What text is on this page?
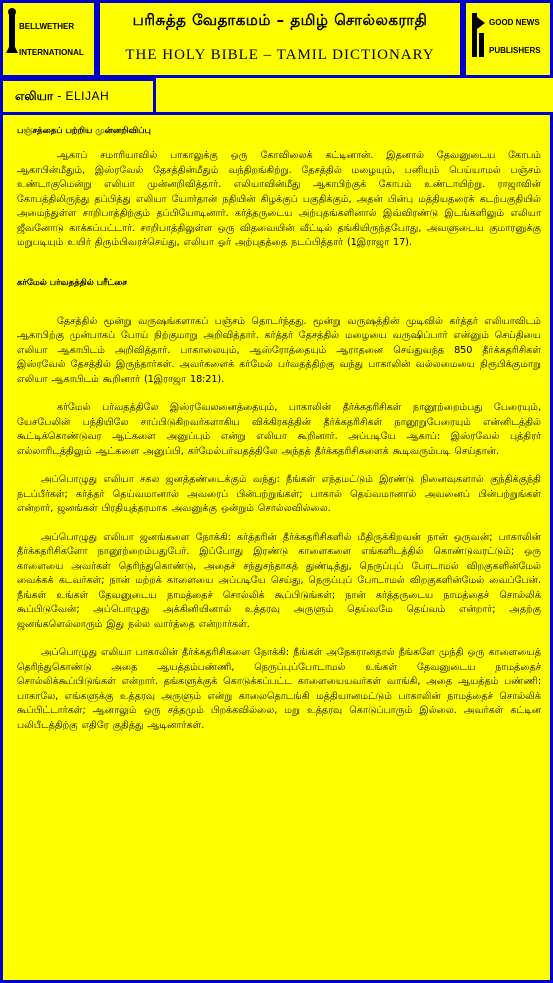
BELLWETHER
INTERNATIONAL
பரிசுத்த வேதாகமம் – தமிழ் சொல்லகராதி
THE HOLY BIBLE – TAMIL DICTIONARY
GOOD NEWS
PUBLISHERS
எலியா - ELIJAH
பஞ்சத்தைப் பற்றிய முன்னறிவிப்பு

ஆகாப் சமாரியாவில் பாகாலுக்கு ஒரு கோவிலைக் கட்டினான். இதனால் தேவனுடைய கோபம் ஆகாபின்மீதும், இஸ்ரவேல் தேசத்தின்மீதும் வந்திறங்கிற்று. தேசத்தில் மழையும், பனியும் பெய்யாமல் பஞ்சம் உண்டாகுமென்று எலியா முன்னறிவித்தார். எலியாவின்மீது ஆகாபிற்குக் கோபம் உண்டாயிற்று. ராஜாவின் கோபத்திலிருந்து தப்பித்து எலியா யோர்தான் நதியின் கிழக்குப் பகுதிக்கும், அதன் பின்பு மத்தியதரைக் கடற்பகுதியில் அமைந்துள்ள சாறிபாத்திற்கும் தப்பியோடினார். கர்த்தருடைய அற்புதங்களினால் இவ்விரண்டு இடங்களிலும் எலியா ஜீவனோடு காக்கப்பட்டார். சாறிபாத்திலுள்ள ஒரு விதவையின் வீட்டில் தங்கியிருந்தபோது, அவளுடைய குமாரனுக்கு மறுபடியும் உயிர் திரும்பிவரச்செய்து, எலியா ஓர் அற்புதத்தை நடப்பித்தார் (1இராஜா 17).

கர்மேல் பர்வதத்தில் பரீட்சை

தேசத்தில் மூன்று வருஷங்களாகப் பஞ்சம் தொடர்ந்தது. மூன்று வருஷத்தின் முடிவில் கர்த்தர் எலியாவிடம் ஆகாபிற்கு முன்பாகப் போய் நிற்குமாறு அறிவித்தார். கர்த்தர் தேசத்தில் மழையை வருஷிப்பார் என்னும் செய்தியை எலியா ஆகாபிடம் அறிவித்தார். பாகாலையும், ஆஸ்ரோத்தையும் ஆராதனை செய்துவந்த 850 தீர்க்கதரிசிகள் இஸ்ரவேல் தேசத்தில் இருந்தார்கள். அவர்களைக் கர்மேல் பர்வதத்திற்கு வந்து பாகாலின் வல்லமையை நிரூபிக்குமாறு எலியா ஆகாபிடம் கூறினார் (1இராஜா 18:21).

கர்மேல் பர்வதத்திலே இஸ்ரவேலனைத்தையும், பாகாலின் தீர்க்கதரிசிகள் நானூற்றைம்பது பேரையும், யேசபேலின் பந்தியிலே சாப்பிடுகிறவர்களாகிய விக்கிரகத்தின் தீர்க்கதரிசிகள் நானூறுபேரையும் என்னிடத்தில் கூட்டிக்கொண்டுவர ஆட்களை அனுப்பும் என்று எலியா கூறினார். அப்படியே ஆகாப்: இஸ்ரவேல் புத்திரர் எல்லாரிடத்திலும் ஆட்களை அனுப்பி, கர்மேல்பர்வதத்திலே அந்தத் தீர்க்கதரிசிகளைக் கூடிவரும்படி செய்தான்.

அப்பொழுது எலியா சகல ஜனத்தண்டைக்கும் வந்து: நீங்கள் எந்தமட்டும் இரண்டு நினைவுகளால் குந்திக்குந்தி நடப்பீர்கள்; கர்த்தர் தெய்வமானால் அவரைப் பின்பற்றுங்கள்; பாகால் தெய்வமானால் அவனைப் பின்பற்றுங்கள் என்றார், ஜனங்கள் பிரதியுத்தரமாக அவனுக்கு ஒன்றும் சொல்லவில்லை.

அப்பொழுது எலியா ஜனங்களை நோக்கி: கர்த்தரின் தீர்க்கதரிசிகளில் மீதிருக்கிறவன் நான் ஒருவன்; பாகாலின் தீர்க்கதரிசிகளோ நானூற்றைம்பதுபேர். இப்போது இரண்டு காளைகளை எங்களிடத்தில் கொண்டுவரட்டும்; ஒரு காளையை அவர்கள் தெரிந்துகொண்டு, அதைச் சந்துசந்தாகத் துண்டித்து, நெருப்புப் போடாமல் விறகுகளின்மேல் வைக்கக் கடவர்கள்; நான் மற்றக் காளையை அப்படியே செய்து, நெருப்புப் போடாமல் விறகுகளின்மேல் வைப்பேன். நீங்கள் உங்கள் தேவனுடைய நாமத்தைச் சொல்லிக் கூப்பிடுங்கள்; நான் கர்த்தருடைய நாமத்தைச் சொல்லிக் கூப்பிடுவேன்; அப்பொழுது அக்கினியினால் உத்தரவு அருளும் தெய்வமே தெய்வம் என்றார்; அதற்கு ஜனங்களெல்லாரும் இது நல்ல வார்த்தை என்றார்கள்.

அப்பொழுது எலியா பாகாலின் தீர்க்கதரிசிகளை நோக்கி: நீங்கள் அநேகரானதால் நீங்களே முந்தி ஒரு காளையைத் தெரிந்துகொண்டு அதை ஆயத்தம்பண்ணி, நெருப்புப்போடாமல் உங்கள் தேவனுடைய நாமத்தைச் சொல்லிக்கூப்பிடுங்கள் என்றார். தங்களுக்குக் கொடுக்கப்பட்ட காளையையவர்கள் வாங்கி, அதை ஆயத்தம் பண்ணி: பாகாலே, எங்களுக்கு உத்தரவு அருளும் என்று காலைதொடங்கி மத்தியானமட்டும் பாகாலின் நாமத்தைச் சொல்லிக் கூப்பிட்டார்கள்; ஆனாலும் ஒரு சத்தமும் பிறக்கவில்லை, மறு உத்தரவு கொடுப்பாரும் இல்லை. அவர்கள் கட்டின பலிபீடத்திற்கு எதிரே குதித்து ஆடினார்கள்.
